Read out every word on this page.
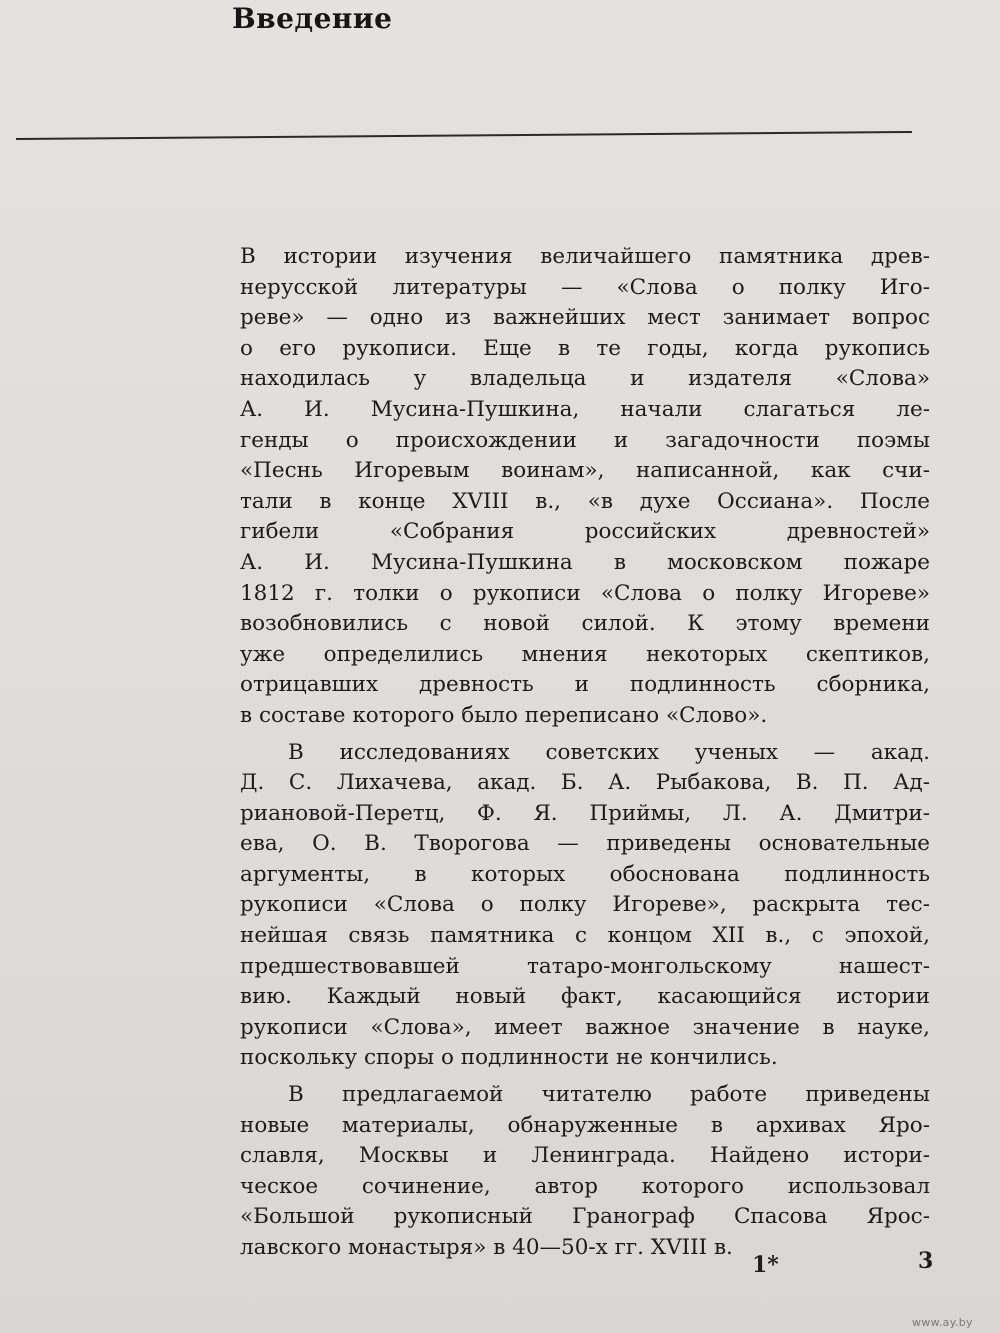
Введение
В истории изучения величайшего памятника древ-
нерусской литературы — «Слова о полку Иго-
реве» — одно из важнейших мест занимает вопрос
о его рукописи. Еще в те годы, когда рукопись
находилась у владельца и издателя «Слова»
А. И. Мусина-Пушкина, начали слагаться ле-
генды о происхождении и загадочности поэмы
«Песнь Игоревым воинам», написанной, как счи-
тали в конце XVIII в., «в духе Оссиана». После
гибели «Собрания российских древностей»
А. И. Мусина-Пушкина в московском пожаре
1812 г. толки о рукописи «Слова о полку Игореве»
возобновились с новой силой. К этому времени
уже определились мнения некоторых скептиков,
отрицавших древность и подлинность сборника,
в составе которого было переписано «Слово».
В исследованиях советских ученых — акад.
Д. С. Лихачева, акад. Б. А. Рыбакова, В. П. Ад-
риановой-Перетц, Ф. Я. Приймы, Л. А. Дмитри-
ева, О. В. Творогова — приведены основательные
аргументы, в которых обоснована подлинность
рукописи «Слова о полку Игореве», раскрыта тес-
нейшая связь памятника с концом XII в., с эпохой,
предшествовавшей татаро-монгольскому нашест-
вию. Каждый новый факт, касающийся истории
рукописи «Слова», имеет важное значение в науке,
поскольку споры о подлинности не кончились.
В предлагаемой читателю работе приведены
новые материалы, обнаруженные в архивах Яро-
славля, Москвы и Ленинграда. Найдено истори-
ческое сочинение, автор которого использовал
«Большой рукописный Гранограф Спасова Ярос-
лавского монастыря» в 40—50-х гг. XVIII в.
1*	3
www.ay.by
